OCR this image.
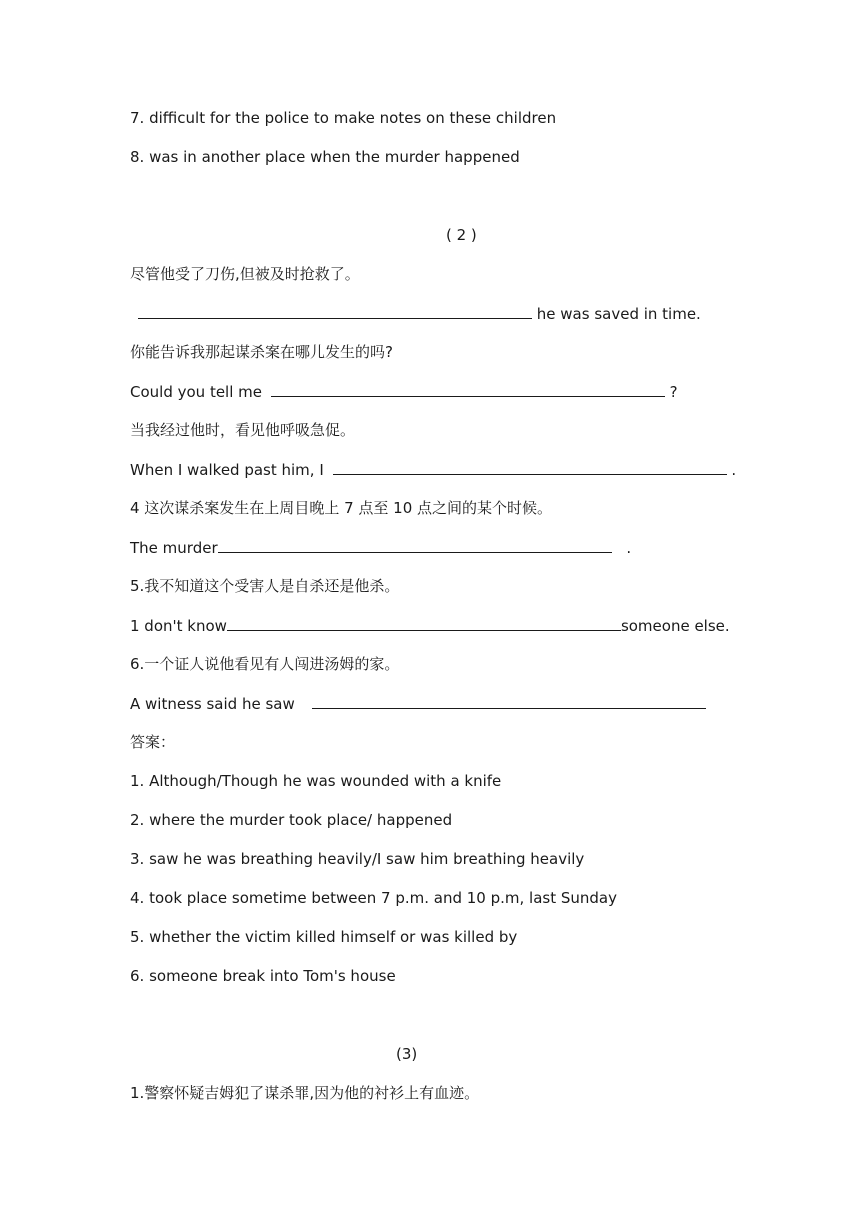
7. difficult for the police to make notes on these children
8. was in another place when the murder happened
( 2 )
尽管他受了刀伤,但被及时抢救了。
he was saved in time.
你能告诉我那起谋杀案在哪儿发生的吗?
Could you tell me	?
当我经过他时，看见他呼吸急促。
When I walked past him, I	.
4 这次谋杀案发生在上周目晚上 7 点至 10 点之间的某个时候。
The murder	.
5.我不知道这个受害人是自杀还是他杀。
1 don't know	someone else.
6.一个证人说他看见有人闯进汤姆的家。
A witness said he saw
答案：
1. Although/Though he was wounded with a knife
2. where the murder took place/ happened
3. saw he was breathing heavily/I saw him breathing heavily
4. took place sometime between 7 p.m. and 10 p.m, last Sunday
5. whether the victim killed himself or was killed by
6. someone break into Tom's house
(3)
1.警察怀疑吉姆犯了谋杀罪,因为他的衬衫上有血迹。
